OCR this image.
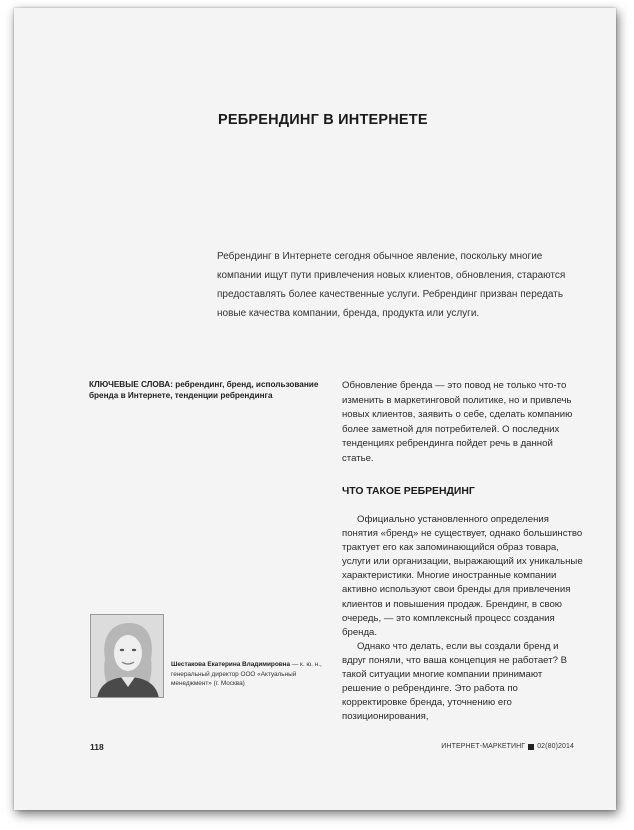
РЕБРЕНДИНГ В ИНТЕРНЕТЕ

Ребрендинг в Интернете сегодня обычное явление, поскольку многие компании ищут пути привлечения новых клиентов, обновления, стараются предоставлять более качественные услуги. Ребрендинг призван передать новые качества компании, бренда, продукта или услуги.

КЛЮЧЕВЫЕ СЛОВА: ребрендинг, бренд, использование бренда в Интернете, тенденции ребрендинга

Обновление бренда — это повод не только что-то изменить в маркетинговой политике, но и привлечь новых клиентов, заявить о себе, сделать компанию более заметной для потребителей. О последних тенденциях ребрендинга пойдет речь в данной статье.

ЧТО ТАКОЕ РЕБРЕНДИНГ

Официально установленного определения понятия «бренд» не существует, однако большинство трактует его как запоминающийся образ товара, услуги или организации, выражающий их уникальные характеристики. Многие иностранные компании активно используют свои бренды для привлечения клиентов и повышения продаж. Брендинг, в свою очередь, — это комплексный процесс создания бренда.

Однако что делать, если вы создали бренд и вдруг поняли, что ваша концепция не работает? В такой ситуации многие компании принимают решение о ребрендинге. Это работа по корректировке бренда, уточнению его позиционирования,

Шестакова Екатерина Владимировна — к. ю. н., генеральный директор ООО «Актуальный менеджмент» (г. Москва)

118	ИНТЕРНЕТ-МАРКЕТИНГ 02(80)2014
